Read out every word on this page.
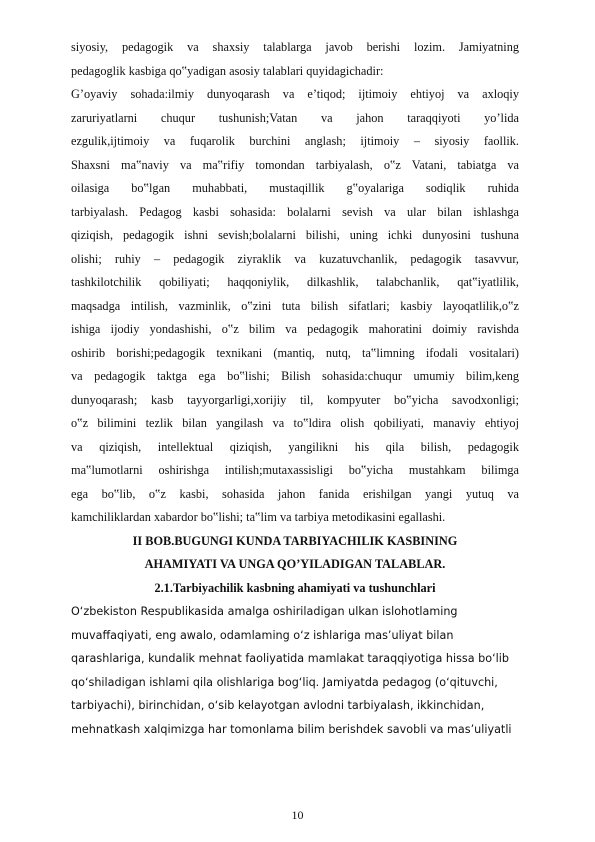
siyosiy, pedagogik va shaxsiy talablarga javob berishi lozim. Jamiyatning
pedagoglik kasbiga qo‟yadigan asosiy talablari quyidagichadir:
G’oyaviy sohada:ilmiy dunyoqarash va e’tiqod; ijtimoiy ehtiyoj va axloqiy
zaruriyatlarni chuqur tushunish;Vatan va jahon taraqqiyoti yo’lida
ezgulik,ijtimoiy va fuqarolik burchini anglash; ijtimoiy – siyosiy faollik.
Shaxsni ma‟naviy va ma‟rifiy tomondan tarbiyalash, o‟z Vatani, tabiatga va
oilasiga bo‟lgan muhabbati, mustaqillik g‟oyalariga sodiqlik ruhida
tarbiyalash. Pedagog kasbi sohasida: bolalarni sevish va ular bilan ishlashga
qiziqish, pedagogik ishni sevish;bolalarni bilishi, uning ichki dunyosini tushuna
olishi; ruhiy – pedagogik ziyraklik va kuzatuvchanlik, pedagogik tasavvur,
tashkilotchilik qobiliyati; haqqoniylik, dilkashlik, talabchanlik, qat‟iyatlilik,
maqsadga intilish, vazminlik, o‟zini tuta bilish sifatlari; kasbiy layoqatlilik,o‟z
ishiga ijodiy yondashishi, o‟z bilim va pedagogik mahoratini doimiy ravishda
oshirib borishi;pedagogik texnikani (mantiq, nutq, ta‟limning ifodali vositalari)
va pedagogik taktga ega bo‟lishi; Bilish sohasida:chuqur umumiy bilim,keng
dunyoqarash; kasb tayyorgarligi,xorijiy til, kompyuter bo‟yicha savodxonligi;
o‟z bilimini tezlik bilan yangilash va to‟ldira olish qobiliyati, manaviy ehtiyoj
va qiziqish, intellektual qiziqish, yangilikni his qila bilish, pedagogik
ma‟lumotlarni oshirishga intilish;mutaxassisligi bo‟yicha mustahkam bilimga
ega bo‟lib, o‟z kasbi, sohasida jahon fanida erishilgan yangi yutuq va
kamchiliklardan xabardor bo‟lishi; ta‟lim va tarbiya metodikasini egallashi.

II BOB.BUGUNGI KUNDA TARBIYACHILIK KASBINING

AHAMIYATI VA UNGA QO’YILADIGAN TALABLAR.

2.1.Tarbiyachilik kasbning ahamiyati va tushunchlari

O‘zbekiston Respublikasida amalga oshiriladigan ulkan islohotlaming

muvaffaqiyati, eng awalo, odamlaming o‘z ishlariga mas’uliyat bilan

qarashlariga, kundalik mehnat faoliyatida mamlakat taraqqiyotiga hissa bo‘lib

qo‘shiladigan ishlami qila olishlariga bog‘liq. Jamiyatda pedagog (o‘qituvchi,

tarbiyachi), birinchidan, o‘sib kelayotgan avlodni tarbiyalash, ikkinchidan,

mehnatkash xalqimizga har tomonlama bilim berishdek savobli va mas’uliyatli

10
